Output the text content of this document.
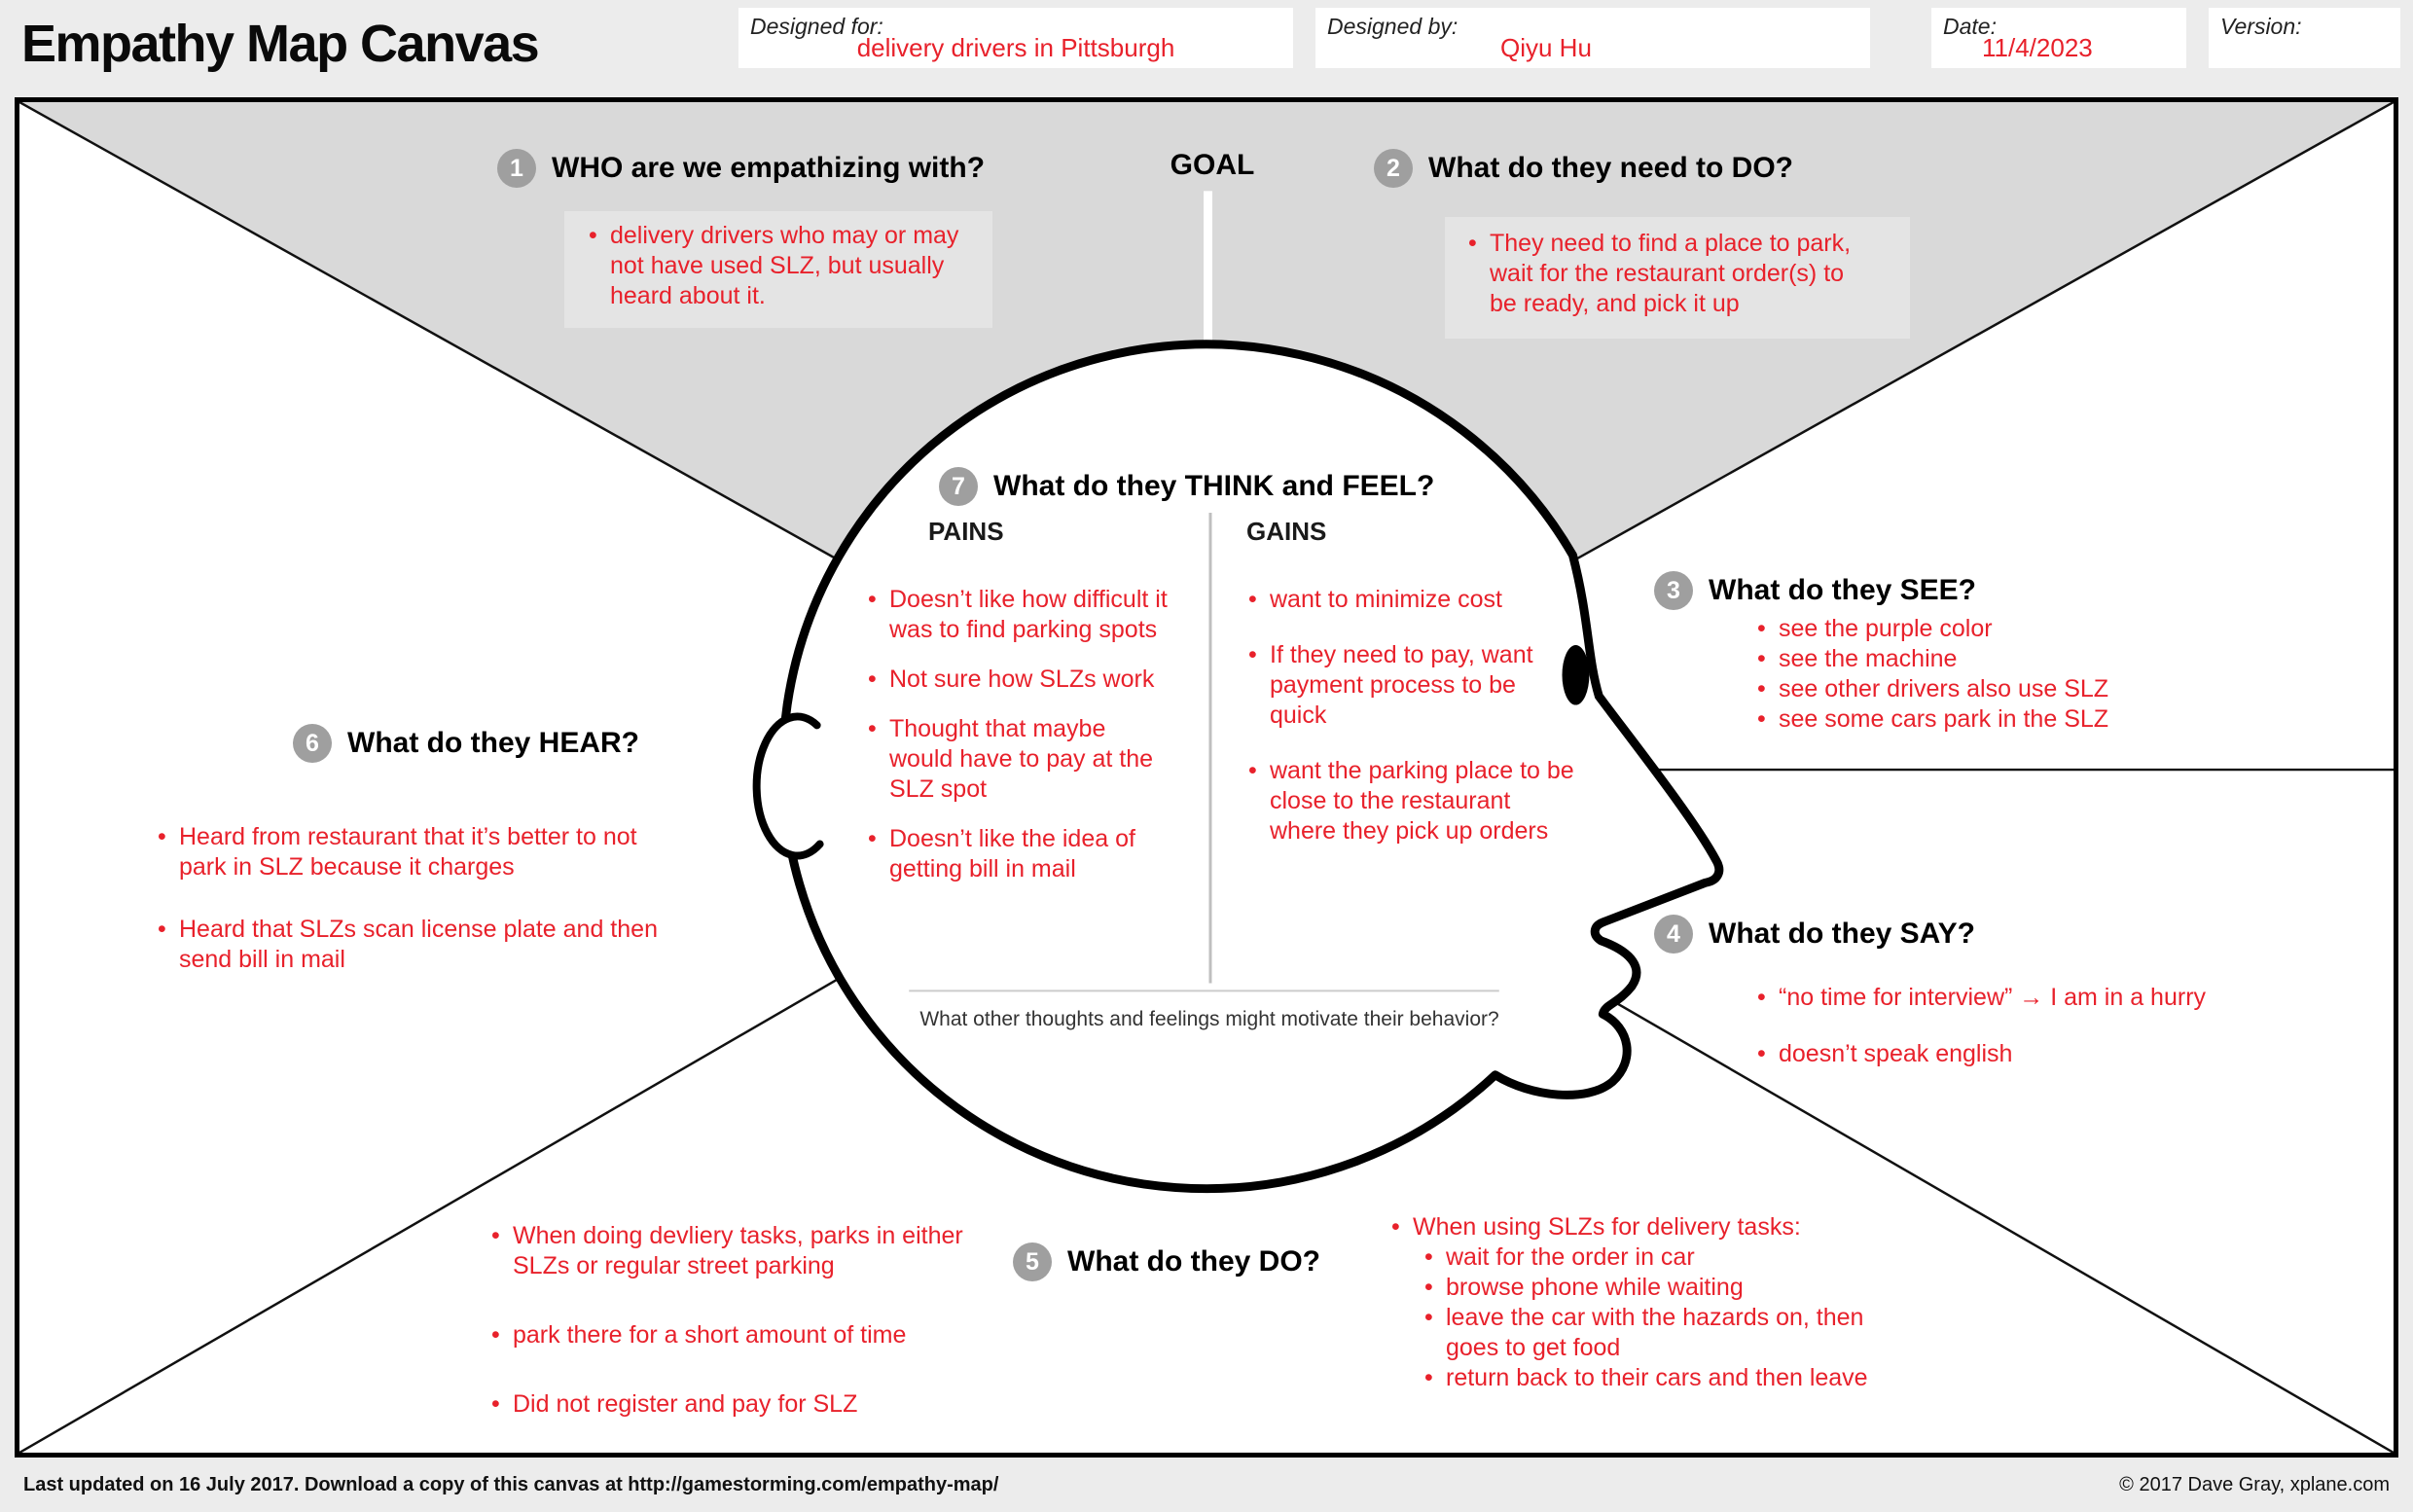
Empathy Map Canvas	Designed for:
delivery drivers in Pittsburgh
Designed by:
Qiyu Hu
Date:
11/4/2023
Version:
GOAL
1 WHO are we empathizing with?
• delivery drivers who may or may not have used SLZ, but usually heard about it.
2 What do they need to DO?
• They need to find a place to park, wait for the restaurant order(s) to be ready, and pick it up
7 What do they THINK and FEEL?
PAINS	GAINS
• Doesn’t like how difficult it was to find parking spots
• Not sure how SLZs work
• Thought that maybe would have to pay at the SLZ spot
• Doesn’t like the idea of getting bill in mail
• want to minimize cost
• If they need to pay, want payment process to be quick
• want the parking place to be close to the restaurant where they pick up orders
What other thoughts and feelings might motivate their behavior?
3 What do they SEE?
• see the purple color
• see the machine
• see other drivers also use SLZ
• see some cars park in the SLZ
4 What do they SAY?
• “no time for interview” → I am in a hurry
• doesn’t speak english
6 What do they HEAR?
• Heard from restaurant that it’s better to not park in SLZ because it charges
• Heard that SLZs scan license plate and then send bill in mail
5 What do they DO?
• When doing devliery tasks, parks in either SLZs or regular street parking
• park there for a short amount of time
• Did not register and pay for SLZ
• When using SLZs for delivery tasks:
• wait for the order in car
• browse phone while waiting
• leave the car with the hazards on, then goes to get food
• return back to their cars and then leave
Last updated on 16 July 2017. Download a copy of this canvas at http://gamestorming.com/empathy-map/	© 2017 Dave Gray, xplane.com
